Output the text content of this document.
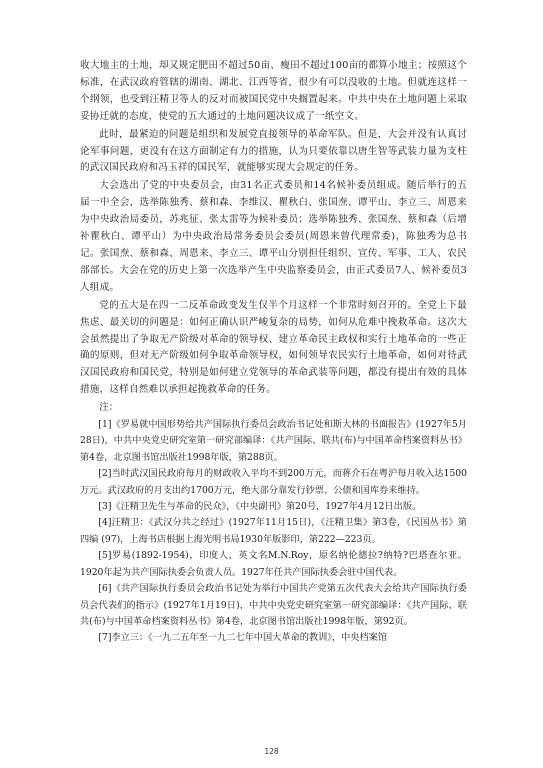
收大地主的土地，却又规定肥田不超过50亩、瘦田不超过100亩的都算小地主；按照这个标准，在武汉政府管辖的湖南、湖北、江西等省，很少有可以没收的土地。但就连这样一个纲领，也受到汪精卫等人的反对而被国民党中央搁置起来。中共中央在土地问题上采取妥协迁就的态度，使党的五大通过的土地问题决议成了一纸空文。

此时，最紧迫的问题是组织和发展党直接领导的革命军队。但是，大会并没有认真讨论军事问题，更没有在这方面制定有力的措施，认为只要依靠以唐生智等武装力量为支柱的武汉国民政府和冯玉祥的国民军，就能够实现大会规定的任务。

大会选出了党的中央委员会，由31名正式委员和14名候补委员组成。随后举行的五届一中全会，选举陈独秀、蔡和森、李维汉、瞿秋白、张国焘、谭平山、李立三、周恩来为中央政治局委员，苏兆征、张太雷等为候补委员；选举陈独秀、张国焘、蔡和森（后增补瞿秋白、谭平山）为中央政治局常务委员会委员(周恩来曾代理常委)，陈独秀为总书记。张国焘、蔡和森、周恩来、李立三、谭平山分别担任组织、宣传、军事、工人、农民部部长。大会在党的历史上第一次选举产生中央监察委员会，由正式委员7人、候补委员3人组成。

党的五大是在四一二反革命政变发生仅半个月这样一个非常时刻召开的。全党上下最焦虑、最关切的问题是：如何正确认识严峻复杂的局势，如何从危难中挽救革命。这次大会虽然提出了争取无产阶级对革命的领导权、建立革命民主政权和实行土地革命的一些正确的原则，但对无产阶级如何争取革命领导权，如何领导农民实行土地革命，如何对待武汉国民政府和国民党，特别是如何建立党领导的革命武装等问题，都没有提出有效的具体措施，这样自然难以承担起挽救革命的任务。

注：

[1]《罗易就中国形势给共产国际执行委员会政治书记处和斯大林的书面报告》(1927年5月28日)，中共中央党史研究室第一研究部编译：《共产国际、联共(布)与中国革命档案资料丛书》第4卷，北京图书馆出版社1998年版，第288页。

[2]当时武汉国民政府每月的财政收入平均不到200万元，而蒋介石在粤沪每月收入达1500万元。武汉政府的月支出约1700万元，绝大部分靠发行钞票、公债和国库券来维持。

[3]《汪精卫先生与革命的民众》，《中央副刊》第20号，1927年4月12日出版。

[4]汪精卫：《武汉分共之经过》(1927年11月15日)，《汪精卫集》第3卷，《民国丛书》第四编 (97)，上海书店根据上海光明书局1930年版影印，第222—223页。

[5]罗易(1892-1954)，印度人，英文名M.N.Roy，原名纳伦德拉?纳特?巴塔查尔亚。1920年起为共产国际执委会负责人员。1927年任共产国际执委会驻中国代表。

[6]《共产国际执行委员会政治书记处为举行中国共产党第五次代表大会给共产国际执行委员会代表们的指示》(1927年1月19日)，中共中央党史研究室第一研究部编译：《共产国际、联共(布)与中国革命档案资料丛书》第4卷，北京图书馆出版社1998年版，第92页。

[7]李立三：《一九二五年至一九二七年中国大革命的教训》，中央档案馆

128
